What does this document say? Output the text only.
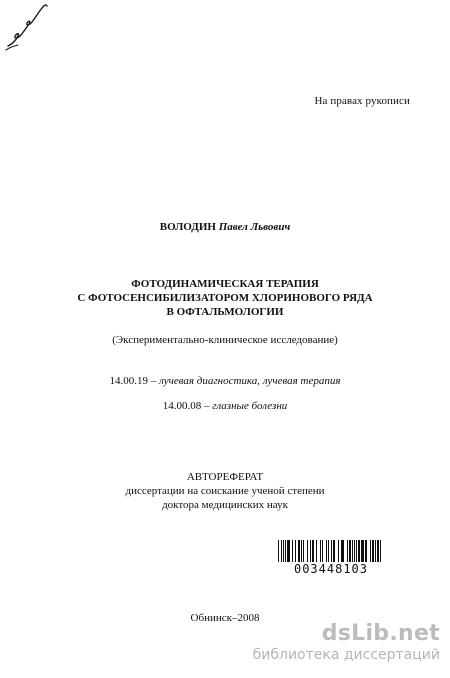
На правах рукописи
ВОЛОДИН Павел Львович
ФОТОДИНАМИЧЕСКАЯ ТЕРАПИЯ
С ФОТОСЕНСИБИЛИЗАТОРОМ ХЛОРИНОВОГО РЯДА
В ОФТАЛЬМОЛОГИИ
(Экспериментально-клиническое исследование)
14.00.19 – лучевая диагностика, лучевая терапия
14.00.08 – глазные болезни
АВТОРЕФЕРАТ
диссертации на соискание ученой степени
доктора медицинских наук
003448103
Обнинск–2008
dsLib.net
библиотека диссертаций
